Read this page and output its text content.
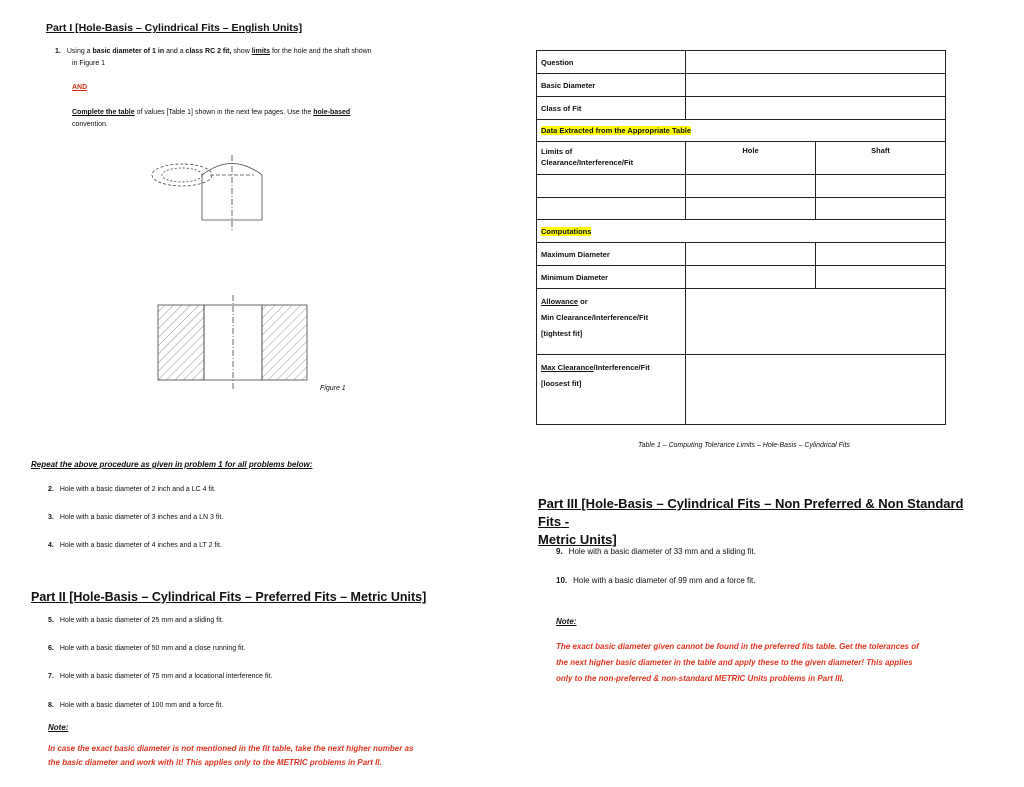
Part I [Hole-Basis – Cylindrical Fits – English Units]
1. Using a basic diameter of 1 in and a class RC 2 fit, show limits for the hole and the shaft shown
in Figure 1
AND
Complete the table of values [Table 1] shown in the next few pages. Use the hole-based
convention.
Figure 1
Repeat the above procedure as given in problem 1 for all problems below:
2. Hole with a basic diameter of 2 inch and a LC 4 fit.
3. Hole with a basic diameter of 3 inches and a LN 3 fit.
4. Hole with a basic diameter of 4 inches and a LT 2 fit.
Part II [Hole-Basis – Cylindrical Fits – Preferred Fits – Metric Units]
5. Hole with a basic diameter of 25 mm and a sliding fit.
6. Hole with a basic diameter of 50 mm and a close running fit.
7. Hole with a basic diameter of 75 mm and a locational interference fit.
8. Hole with a basic diameter of 100 mm and a force fit.
Note:
In case the exact basic diameter is not mentioned in the fit table, take the next higher number as
the basic diameter and work with it! This applies only to the METRIC problems in Part II.
Question		
Basic Diameter		
Class of Fit		
Data Extracted from the Appropriate Table		

Limits of
Clearance/Interference/Fit	Hole	Shaft

Computations		
Maximum Diameter		
Minimum Diameter		

Allowance or
Min Clearance/Interference/Fit
[tightest fit]		

Max Clearance/Interference/Fit
[loosest fit]		

Table 1 – Computing Tolerance Limits – Hole-Basis – Cylindrical Fits
Part III [Hole-Basis – Cylindrical Fits – Non Preferred & Non Standard Fits -
Metric Units]
9. Hole with a basic diameter of 33 mm and a sliding fit.
10. Hole with a basic diameter of 99 mm and a force fit.
Note:
The exact basic diameter given cannot be found in the preferred fits table. Get the tolerances of
the next higher basic diameter in the table and apply these to the given diameter! This applies
only to the non-preferred & non-standard METRIC Units problems in Part III.
